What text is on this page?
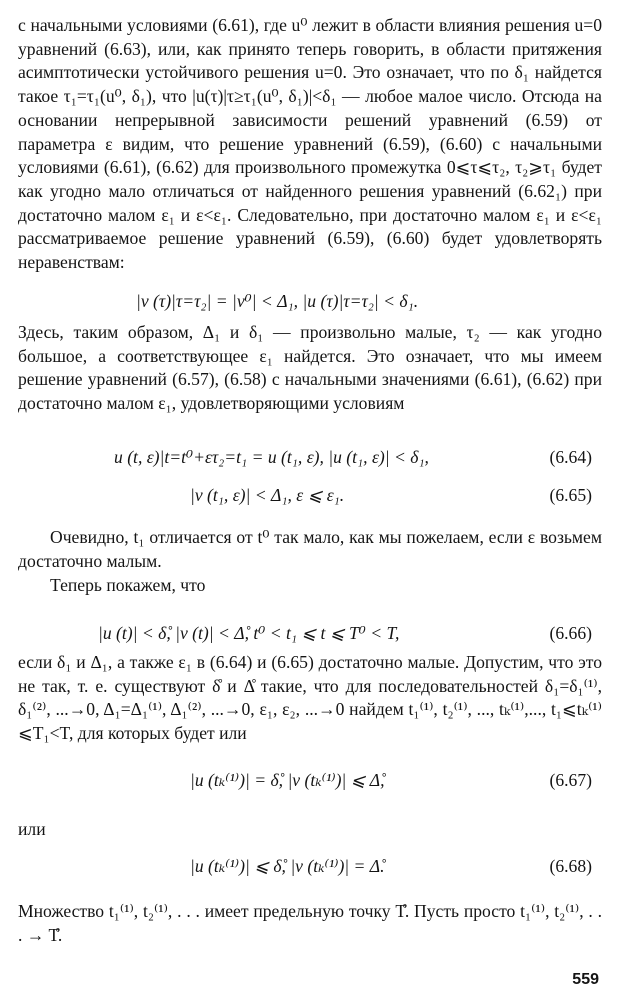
с начальными условиями (6.61), где u⁰ лежит в области влияния решения u=0 уравнений (6.63), или, как принято теперь говорить, в области притяжения асимптотически устойчивого решения u=0. Это означает, что по δ₁ найдется такое τ₁=τ₁(u⁰, δ₁), что |u(τ)|τ≥τ₁(u⁰, δ₁)|<δ₁ — любое малое число. Отсюда на основании непрерывной зависимости решений уравнений (6.59) от параметра ε видим, что решение уравнений (6.59), (6.60) с начальными условиями (6.61), (6.62) для произвольного промежутка 0⩽τ⩽τ₂, τ₂⩾τ₁ будет как угодно мало отличаться от найденного решения уравнений (6.62₁) при достаточно малом ε₁ и ε<ε₁. Следовательно, при достаточно малом ε₁ и ε<ε₁ рассматриваемое решение уравнений (6.59), (6.60) будет удовлетворять неравенствам:

|v (τ)|τ=τ₂| = |v⁰| < Δ₁, |u (τ)|τ=τ₂| < δ₁.

Здесь, таким образом, Δ₁ и δ₁ — произвольно малые, τ₂ — как угодно большое, а соответствующее ε₁ найдется. Это означает, что мы имеем решение уравнений (6.57), (6.58) с начальными значениями (6.61), (6.62) при достаточно малом ε₁, удовлетворяющими условиям

u (t, ε)|t=t⁰+ετ₂=t₁ = u (t₁, ε), |u (t₁, ε)| < δ₁,	(6.64)
|v (t₁, ε)| < Δ₁, ε ⩽ ε₁.	(6.65)

Очевидно, t₁ отличается от t⁰ так мало, как мы пожелаем, если ε возьмем достаточно малым.

Теперь покажем, что

|u (t)| < δ̊, |v (t)| < Δ̊, t⁰ < t₁ ⩽ t ⩽ T⁰ < T,	(6.66)

если δ₁ и Δ₁, а также ε₁ в (6.64) и (6.65) достаточно малые. Допустим, что это не так, т. е. существуют δ̊ и Δ̊ такие, что для последовательностей δ₁=δ₁⁽¹⁾, δ₁⁽²⁾, ...→0, Δ₁=Δ₁⁽¹⁾, Δ₁⁽²⁾, ...→0, ε₁, ε₂, ...→0 найдем t₁⁽¹⁾, t₂⁽¹⁾, ..., tₖ⁽¹⁾,..., t₁⩽tₖ⁽¹⁾⩽T₁<T, для которых будет или

|u (tₖ⁽¹⁾)| = δ̊, |v (tₖ⁽¹⁾)| ⩽ Δ̊,	(6.67)

или

|u (tₖ⁽¹⁾)| ⩽ δ̊, |v (tₖ⁽¹⁾)| = Δ̊.	(6.68)

Множество t₁⁽¹⁾, t₂⁽¹⁾, . . . имеет предельную точку T̊. Пусть просто t₁⁽¹⁾, t₂⁽¹⁾, . . . → T̊.

559
